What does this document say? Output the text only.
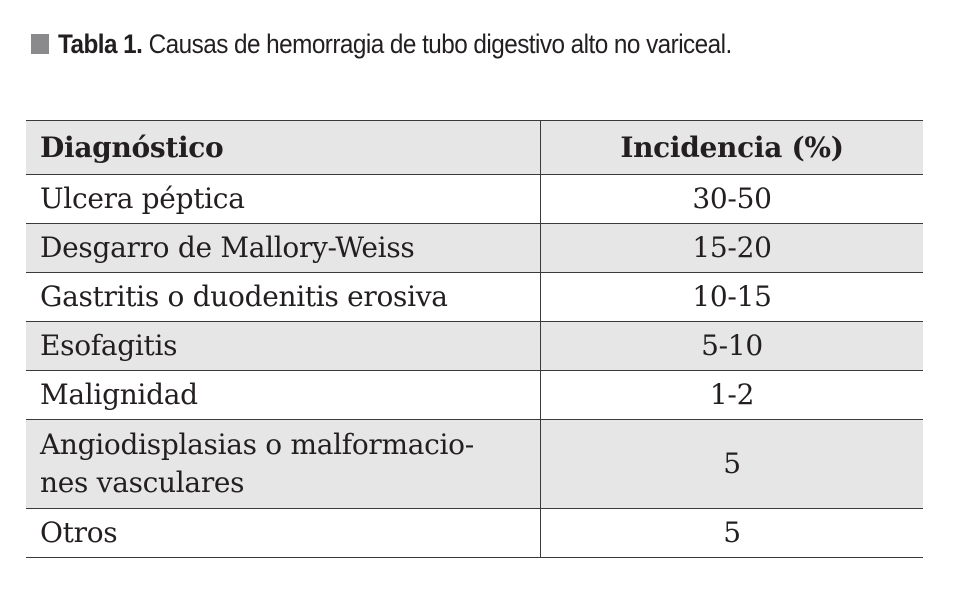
Tabla 1. Causas de hemorragia de tubo digestivo alto no variceal.
Diagnóstico	Incidencia (%)
Ulcera péptica	30-50
Desgarro de Mallory-Weiss	15-20
Gastritis o duodenitis erosiva	10-15
Esofagitis	5-10
Malignidad	1-2

Angiodisplasias o malformacio-
nes vasculares	5
Otros	5
